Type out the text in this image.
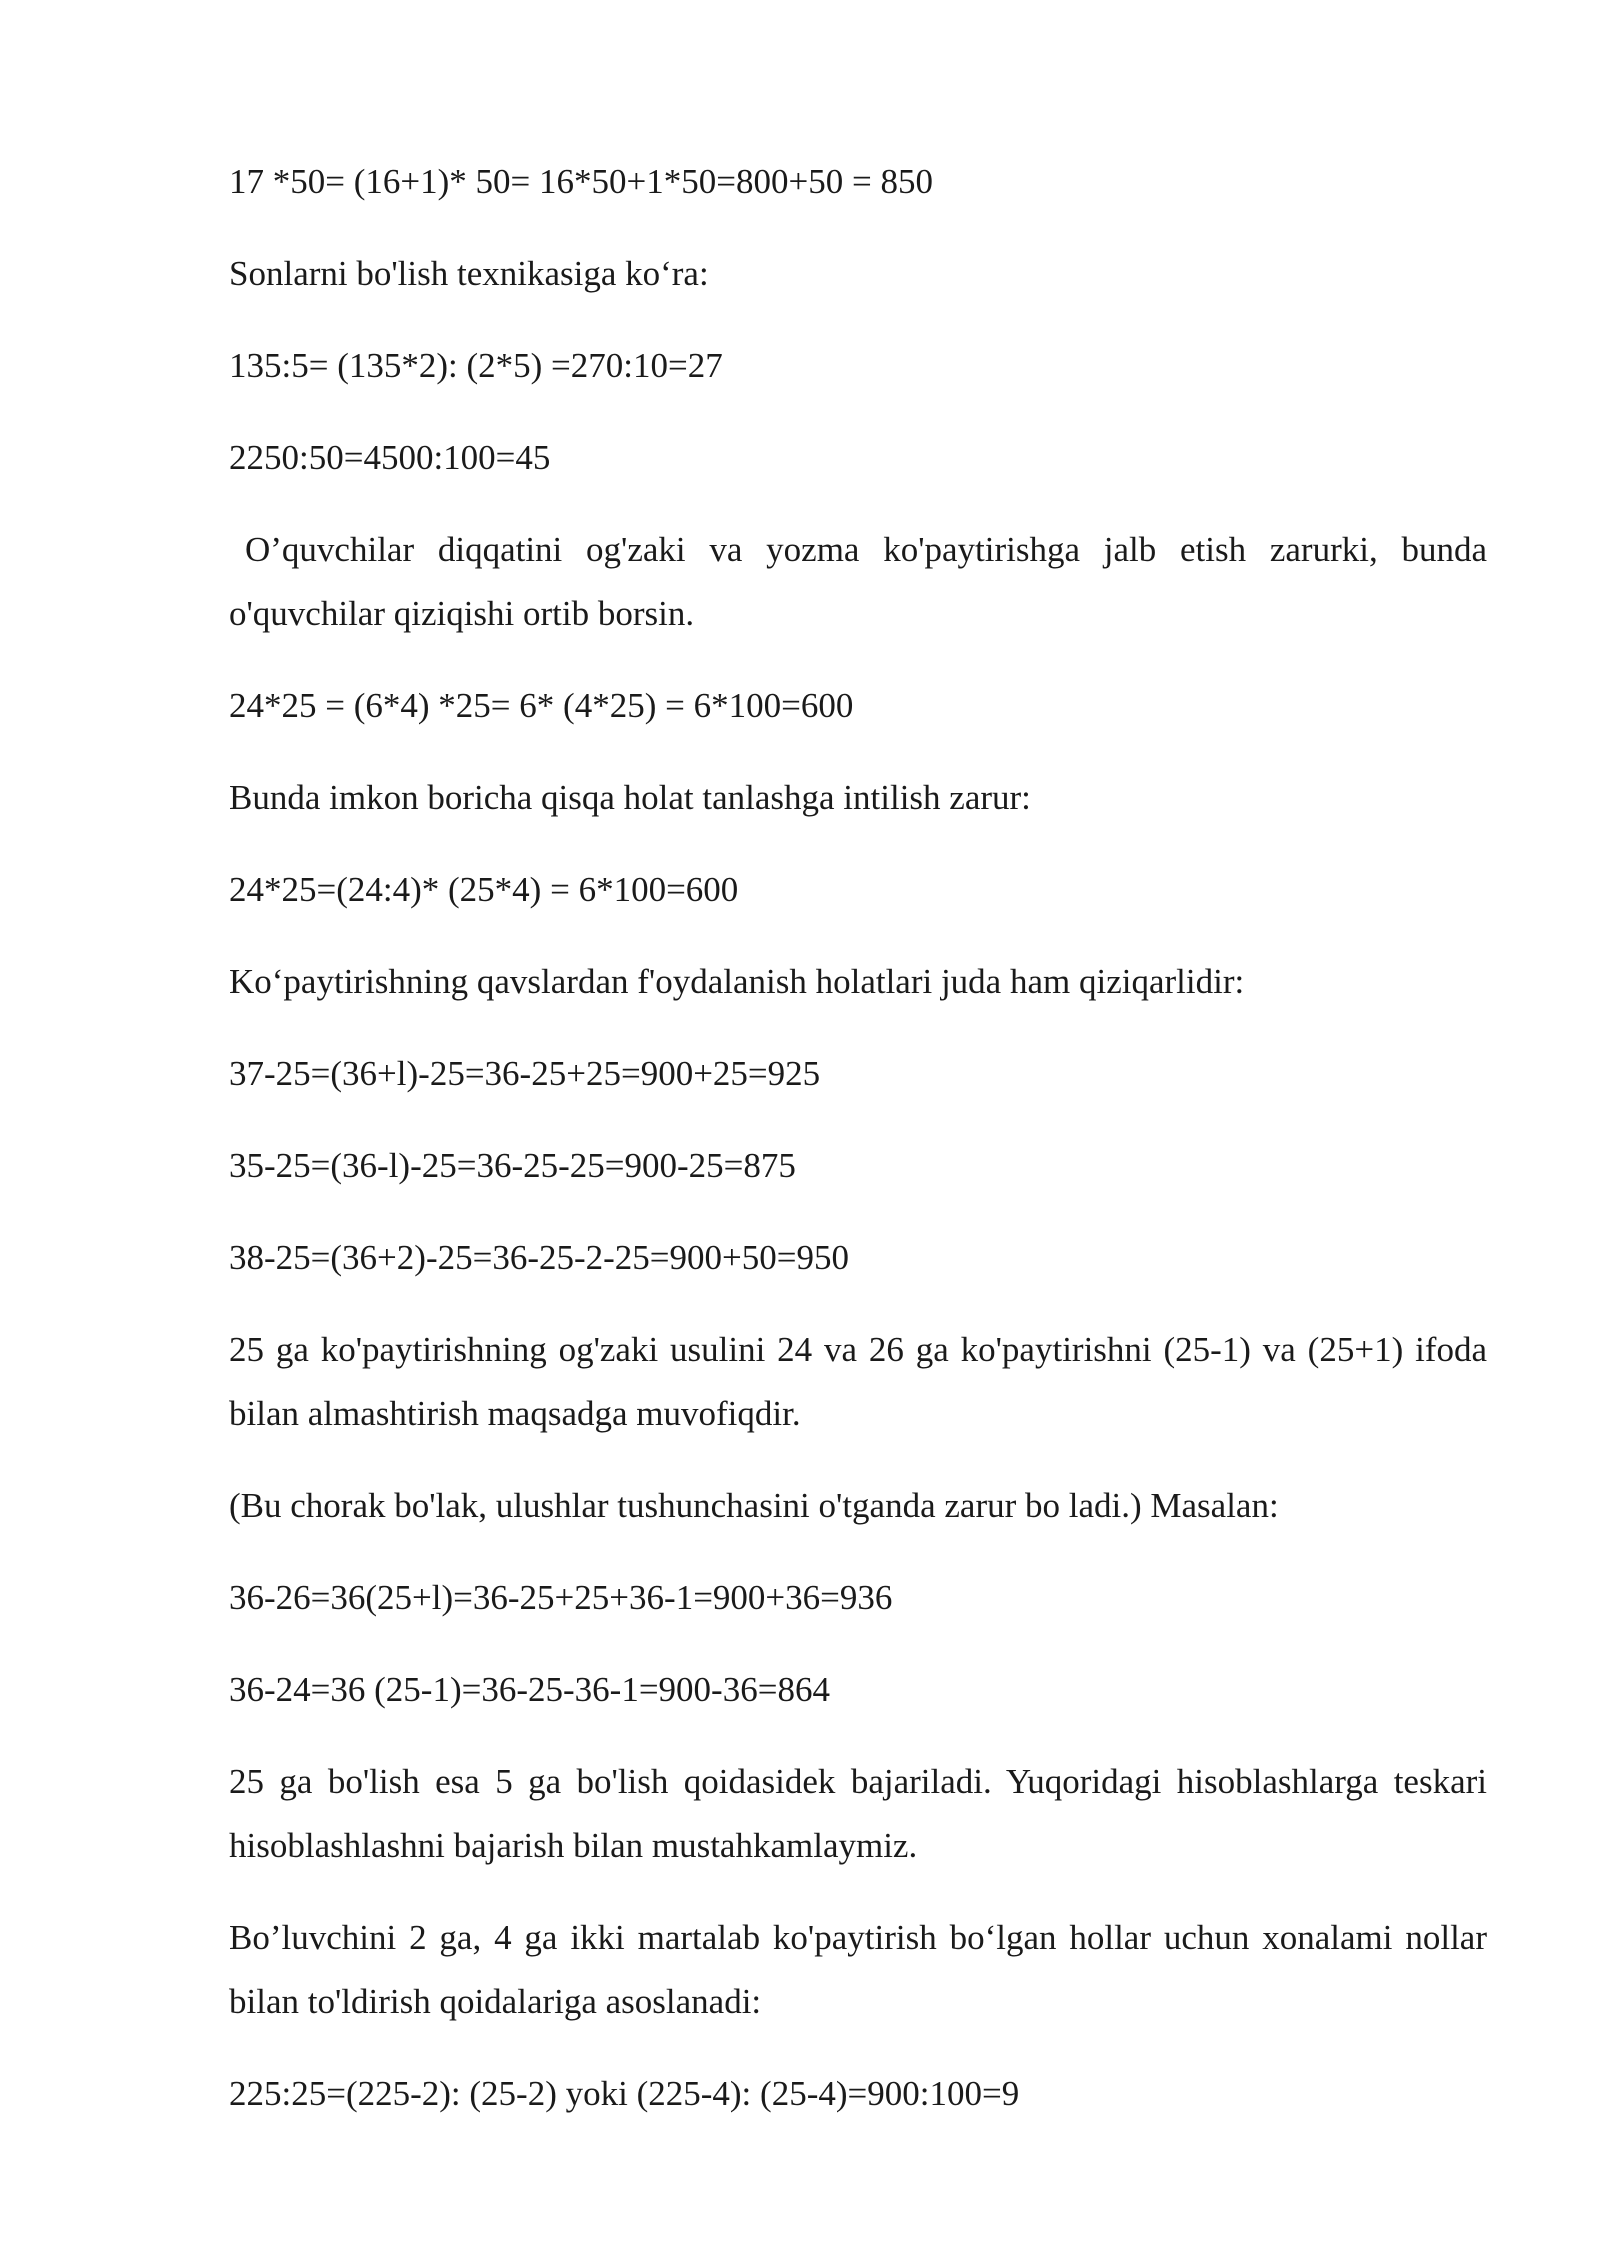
17 *50= (16+1)* 50= 16*50+1*50=800+50 = 850
Sonlarni bo'lish texnikasiga ko‘ra:
135:5= (135*2): (2*5) =270:10=27
2250:50=4500:100=45
O’quvchilar diqqatini og'zaki va yozma ko'paytirishga jalb etish zarurki, bunda o'quvchilar qiziqishi ortib borsin.
24*25 = (6*4) *25= 6* (4*25) = 6*100=600
Bunda imkon boricha qisqa holat tanlashga intilish zarur:
24*25=(24:4)* (25*4) = 6*100=600
Ko‘paytirishning qavslardan f'oydalanish holatlari juda ham qiziqarlidir:
37-25=(36+l)-25=36-25+25=900+25=925
35-25=(36-l)-25=36-25-25=900-25=875
38-25=(36+2)-25=36-25-2-25=900+50=950
25 ga ko'paytirishning og'zaki usulini 24 va 26 ga ko'paytirishni (25-1) va (25+1) ifoda bilan almashtirish maqsadga muvofiqdir.
(Bu chorak bo'lak, ulushlar tushunchasini o'tganda zarur bo ladi.) Masalan:
36-26=36(25+l)=36-25+25+36-1=900+36=936
36-24=36 (25-1)=36-25-36-1=900-36=864
25 ga bo'lish esa 5 ga bo'lish qoidasidek bajariladi. Yuqoridagi hisoblashlarga teskari hisoblashlashni bajarish bilan mustahkamlaymiz.
Bo’luvchini 2 ga, 4 ga ikki martalab ko'paytirish bo‘lgan hollar uchun xonalami nollar bilan to'ldirish qoidalariga asoslanadi:
225:25=(225-2): (25-2) yoki (225-4): (25-4)=900:100=9
